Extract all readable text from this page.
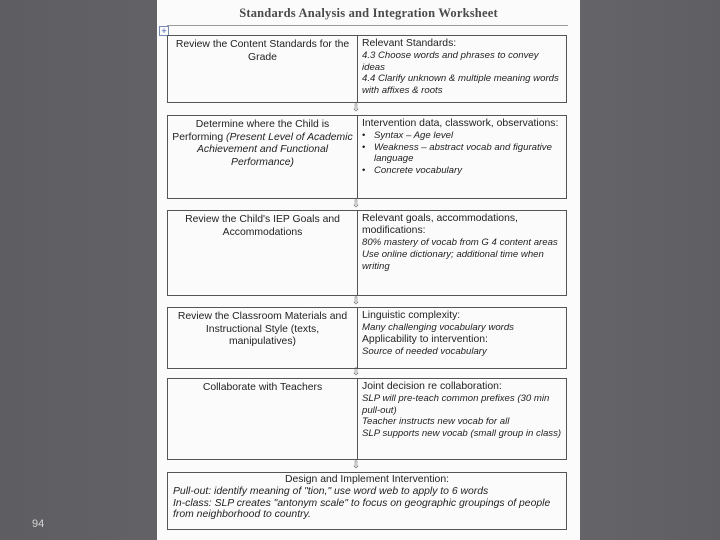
94
Standards Analysis and Integration Worksheet
+
Review the Content Standards for the Grade
Relevant Standards:
4.3 Choose words and phrases to convey ideas
4.4 Clarify unknown & multiple meaning words with affixes & roots
⇩
Determine where the Child is Performing (Present Level of Academic Achievement and Functional Performance)
Intervention data, classwork, observations:
• Syntax – Age level
• Weakness – abstract vocab and figurative language
• Concrete vocabulary
⇩
Review the Child's IEP Goals and Accommodations
Relevant goals, accommodations, modifications:
80% mastery of vocab from G 4 content areas
Use online dictionary; additional time when writing
⇩
Review the Classroom Materials and Instructional Style (texts, manipulatives)
Linguistic complexity:
Many challenging vocabulary words
Applicability to intervention:
Source of needed vocabulary
⇩
Collaborate with Teachers	Joint decision re collaboration:
SLP will pre-teach common prefixes (30 min pull-out)
Teacher instructs new vocab for all
SLP supports new vocab (small group in class)
⇩
Design and Implement Intervention:
Pull-out: identify meaning of "tion," use word web to apply to 6 words
In-class: SLP creates "antonym scale" to focus on geographic groupings of people from neighborhood to country.
